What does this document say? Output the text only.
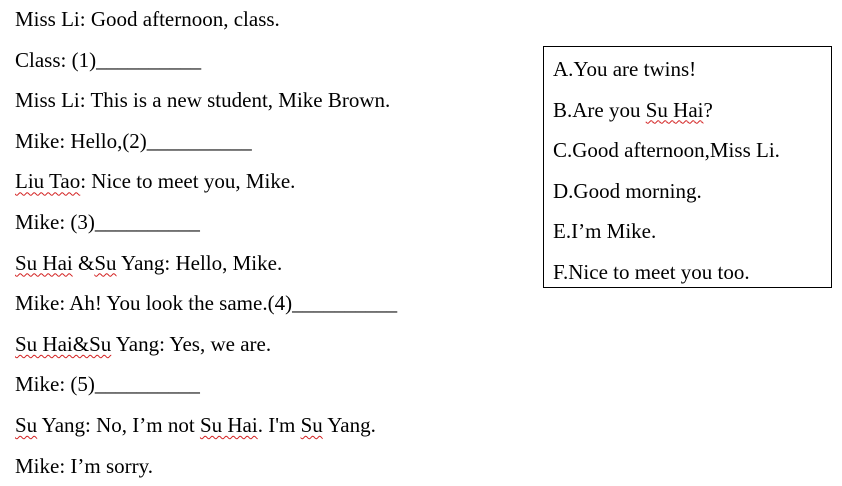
Miss Li: Good afternoon, class.
Class: (1)__________
Miss Li: This is a new student, Mike Brown.
Mike: Hello,(2)__________
Liu Tao: Nice to meet you, Mike.
Mike: (3)__________
Su Hai &Su Yang: Hello, Mike.
Mike: Ah! You look the same.(4)__________
Su Hai&Su Yang: Yes, we are.
Mike: (5)__________
Su Yang: No, I’m not Su Hai. I'm Su Yang.
Mike: I’m sorry.
A.You are twins!
B.Are you Su Hai?
C.Good afternoon,Miss Li.
D.Good morning.
E.I’m Mike.
F.Nice to meet you too.
